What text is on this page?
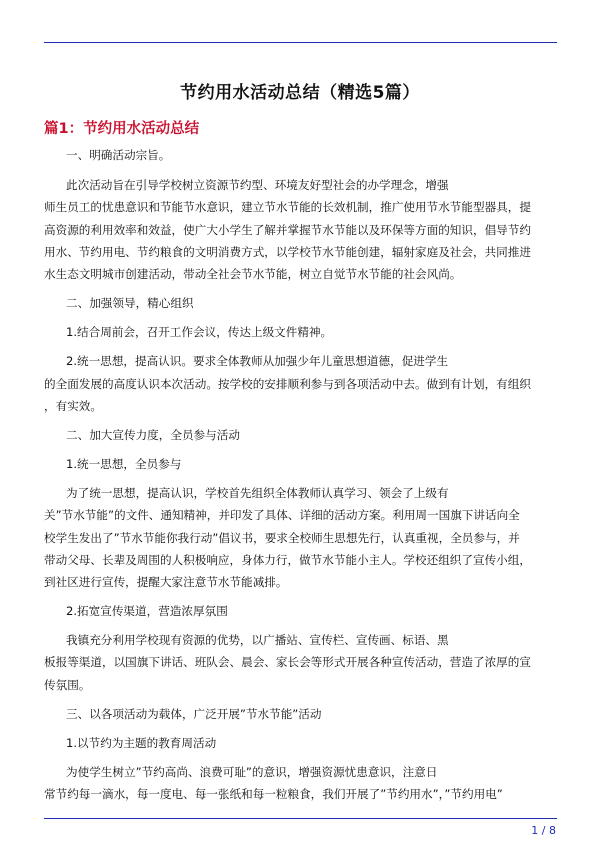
节约用水活动总结（精选5篇）
篇1：节约用水活动总结
一、明确活动宗旨。
此次活动旨在引导学校树立资源节约型、环境友好型社会的办学理念，增强
师生员工的忧患意识和节能节水意识，建立节水节能的长效机制，推广使用节水节能型器具，提
高资源的利用效率和效益，使广大小学生了解并掌握节水节能以及环保等方面的知识，倡导节约
用水、节约用电、节约粮食的文明消费方式，以学校节水节能创建，辐射家庭及社会，共同推进
水生态文明城市创建活动，带动全社会节水节能，树立自觉节水节能的社会风尚。
二、加强领导，精心组织
1.结合周前会，召开工作会议，传达上级文件精神。
2.统一思想，提高认识。要求全体教师从加强少年儿童思想道德，促进学生
的全面发展的高度认识本次活动。按学校的安排顺利参与到各项活动中去。做到有计划，有组织
，有实效。
二、加大宣传力度，全员参与活动
1.统一思想，全员参与
为了统一思想，提高认识，学校首先组织全体教师认真学习、领会了上级有
关”节水节能”的文件、通知精神，并印发了具体、详细的活动方案。利用周一国旗下讲话向全
校学生发出了”节水节能你我行动”倡议书，要求全校师生思想先行，认真重视，全员参与，并
带动父母、长辈及周围的人积极响应，身体力行，做节水节能小主人。学校还组织了宣传小组，
到社区进行宣传，提醒大家注意节水节能减排。
2.拓宽宣传渠道，营造浓厚氛围
我镇充分利用学校现有资源的优势，以广播站、宣传栏、宣传画、标语、黑
板报等渠道，以国旗下讲话、班队会、晨会、家长会等形式开展各种宣传活动，营造了浓厚的宣
传氛围。
三、以各项活动为载体，广泛开展”节水节能”活动
1.以节约为主题的教育周活动
为使学生树立”节约高尚、浪费可耻”的意识，增强资源忧患意识，注意日
常节约每一滴水，每一度电、每一张纸和每一粒粮食，我们开展了”节约用水”，”节约用电”
1 / 8
